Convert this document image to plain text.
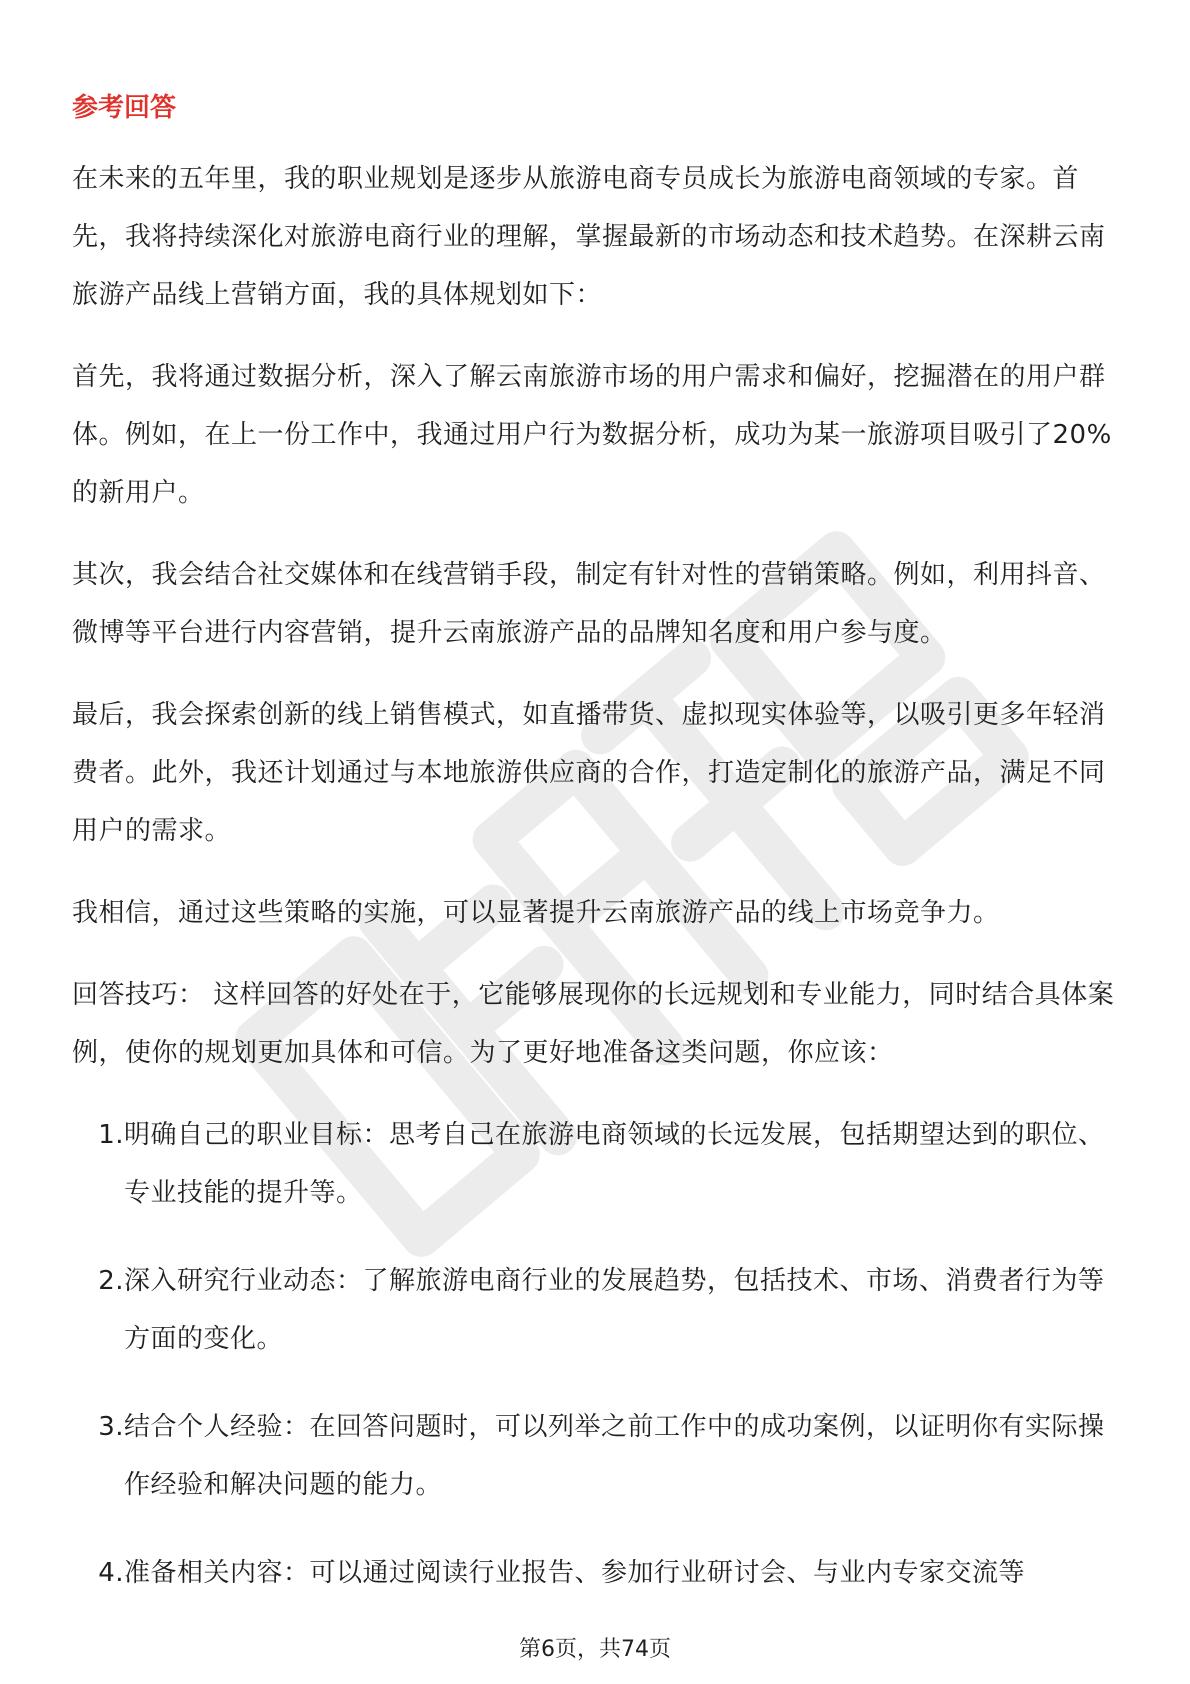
参考回答

在未来的五年里，我的职业规划是逐步从旅游电商专员成长为旅游电商领域的专家。首先，我将持续深化对旅游电商行业的理解，掌握最新的市场动态和技术趋势。在深耕云南旅游产品线上营销方面，我的具体规划如下：

首先，我将通过数据分析，深入了解云南旅游市场的用户需求和偏好，挖掘潜在的用户群体。例如，在上一份工作中，我通过用户行为数据分析，成功为某一旅游项目吸引了20%的新用户。

其次，我会结合社交媒体和在线营销手段，制定有针对性的营销策略。例如，利用抖音、微博等平台进行内容营销，提升云南旅游产品的品牌知名度和用户参与度。

最后，我会探索创新的线上销售模式，如直播带货、虚拟现实体验等，以吸引更多年轻消费者。此外，我还计划通过与本地旅游供应商的合作，打造定制化的旅游产品，满足不同用户的需求。

我相信，通过这些策略的实施，可以显著提升云南旅游产品的线上市场竞争力。

回答技巧： 这样回答的好处在于，它能够展现你的长远规划和专业能力，同时结合具体案例，使你的规划更加具体和可信。为了更好地准备这类问题，你应该：

1. 明确自己的职业目标：思考自己在旅游电商领域的长远发展，包括期望达到的职位、专业技能的提升等。
2. 深入研究行业动态：了解旅游电商行业的发展趋势，包括技术、市场、消费者行为等方面的变化。
3. 结合个人经验：在回答问题时，可以列举之前工作中的成功案例，以证明你有实际操作经验和解决问题的能力。
4. 准备相关内容：可以通过阅读行业报告、参加行业研讨会、与业内专家交流等
第6页，共74页
